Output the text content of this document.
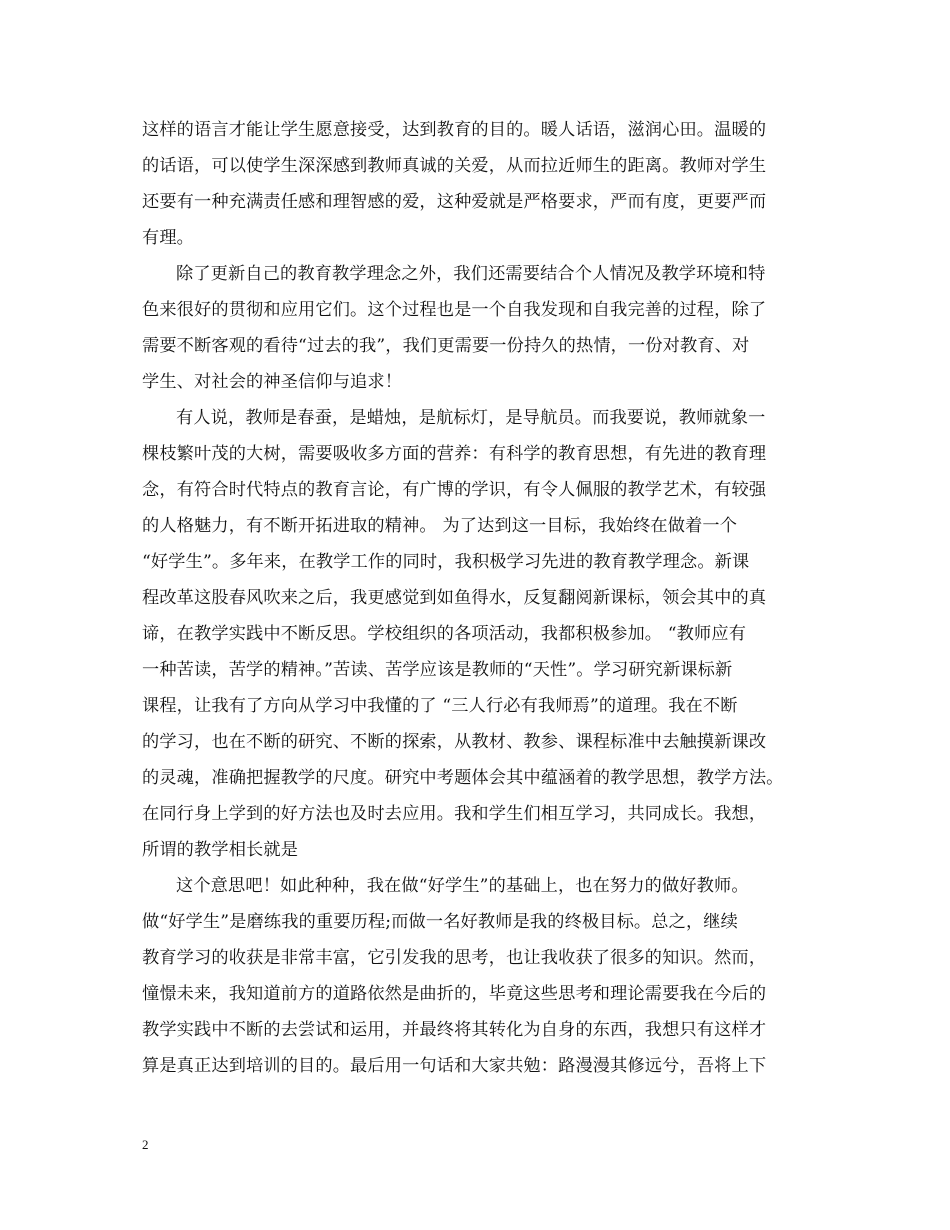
这样的语言才能让学生愿意接受，达到教育的目的。暖人话语，滋润心田。温暖的
的话语，可以使学生深深感到教师真诚的关爱，从而拉近师生的距离。教师对学生
还要有一种充满责任感和理智感的爱，这种爱就是严格要求，严而有度，更要严而
有理。
除了更新自己的教育教学理念之外，我们还需要结合个人情况及教学环境和特
色来很好的贯彻和应用它们。这个过程也是一个自我发现和自我完善的过程，除了
需要不断客观的看待“过去的我”，我们更需要一份持久的热情，一份对教育、对
学生、对社会的神圣信仰与追求！
有人说，教师是春蚕，是蜡烛，是航标灯，是导航员。而我要说，教师就象一
棵枝繁叶茂的大树，需要吸收多方面的营养：有科学的教育思想，有先进的教育理
念，有符合时代特点的教育言论，有广博的学识，有令人佩服的教学艺术，有较强
的人格魅力，有不断开拓进取的精神。 为了达到这一目标，我始终在做着一个
“好学生”。多年来，在教学工作的同时，我积极学习先进的教育教学理念。新课
程改革这股春风吹来之后，我更感觉到如鱼得水，反复翻阅新课标，领会其中的真
谛，在教学实践中不断反思。学校组织的各项活动，我都积极参加。 “教师应有
一种苦读，苦学的精神。”苦读、苦学应该是教师的“天性”。学习研究新课标新
课程，让我有了方向从学习中我懂的了 “三人行必有我师焉”的道理。我在不断
的学习，也在不断的研究、不断的探索，从教材、教参、课程标准中去触摸新课改
的灵魂，准确把握教学的尺度。研究中考题体会其中蕴涵着的教学思想，教学方法。
在同行身上学到的好方法也及时去应用。我和学生们相互学习，共同成长。我想，
所谓的教学相长就是
这个意思吧！如此种种，我在做“好学生”的基础上，也在努力的做好教师。
做“好学生”是磨练我的重要历程;而做一名好教师是我的终极目标。总之，继续
教育学习的收获是非常丰富，它引发我的思考，也让我收获了很多的知识。然而，
憧憬未来，我知道前方的道路依然是曲折的，毕竟这些思考和理论需要我在今后的
教学实践中不断的去尝试和运用，并最终将其转化为自身的东西，我想只有这样才
算是真正达到培训的目的。最后用一句话和大家共勉：路漫漫其修远兮，吾将上下
2
